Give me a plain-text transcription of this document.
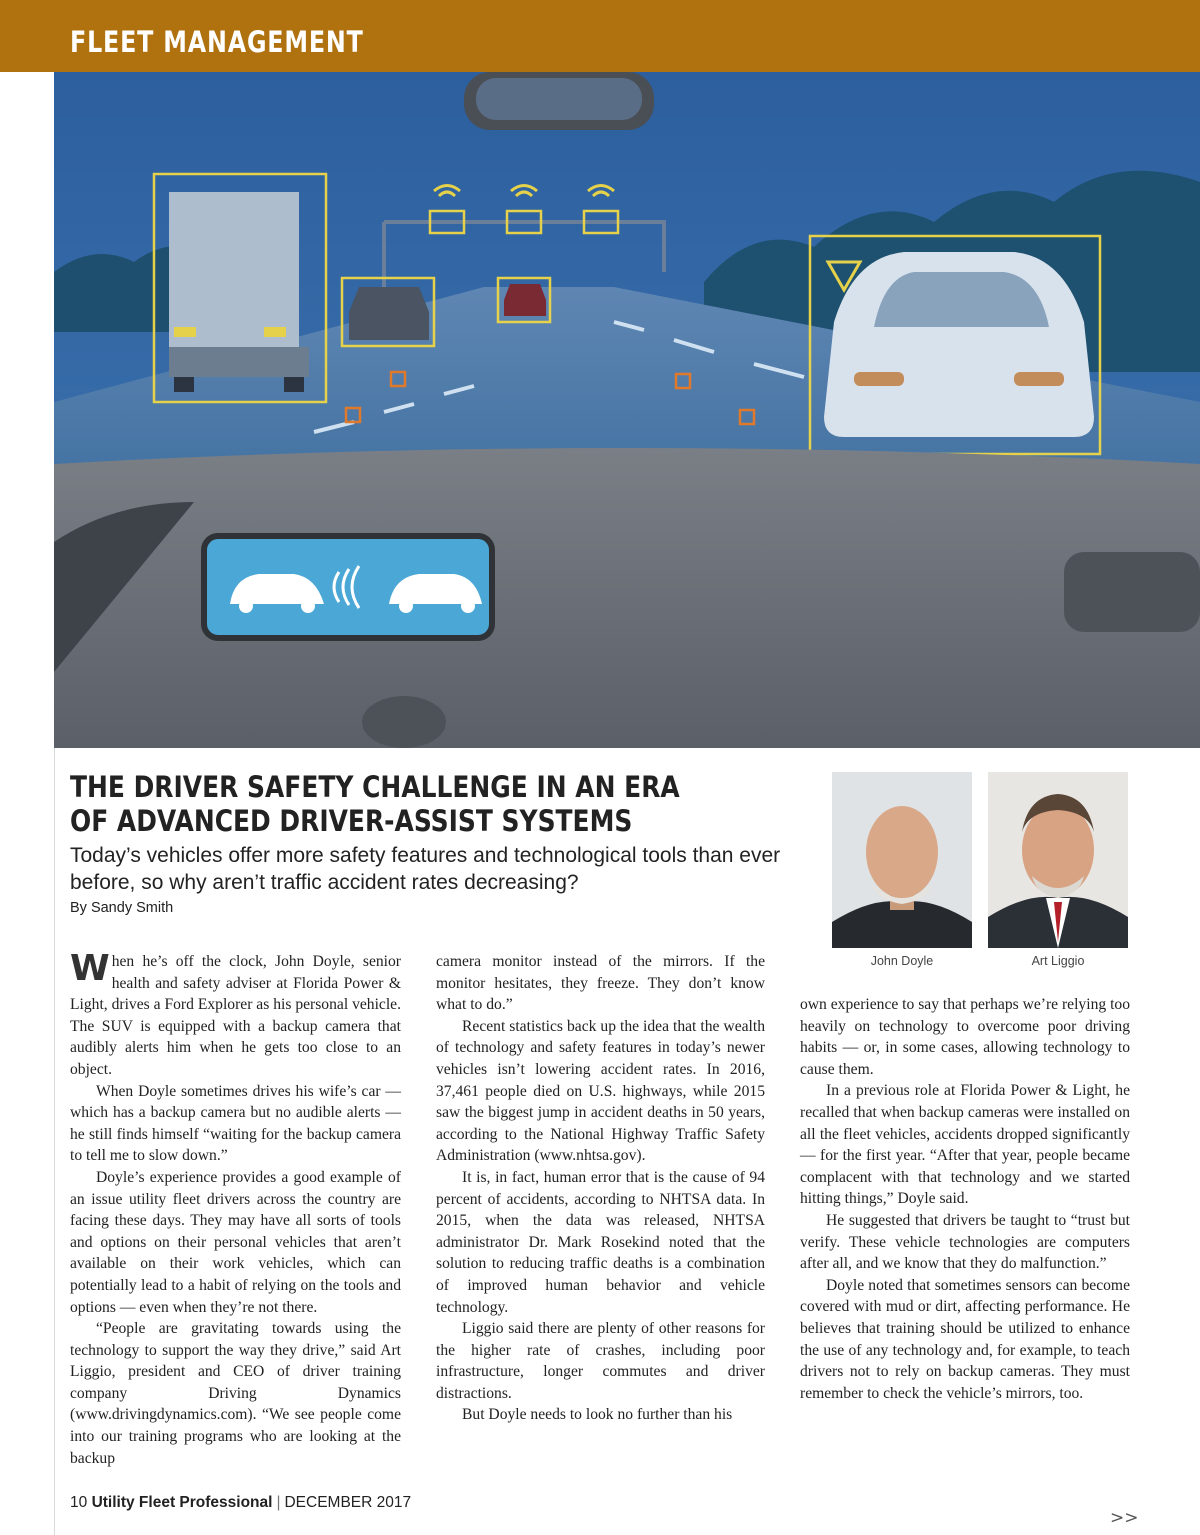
FLEET MANAGEMENT
THE DRIVER SAFETY CHALLENGE IN AN ERA OF ADVANCED DRIVER-ASSIST SYSTEMS
Today’s vehicles offer more safety features and technological tools than ever before, so why aren’t traffic accident rates decreasing?
By Sandy Smith
John Doyle	Art Liggio

When he’s off the clock, John Doyle, senior health and safety adviser at Florida Power & Light, drives a Ford Explorer as his personal vehicle. The SUV is equipped with a backup camera that audibly alerts him when he gets too close to an object.

When Doyle sometimes drives his wife’s car — which has a backup camera but no audible alerts — he still finds himself “waiting for the backup camera to tell me to slow down.”

Doyle’s experience provides a good example of an issue utility fleet drivers across the country are facing these days. They may have all sorts of tools and options on their personal vehicles that aren’t available on their work vehicles, which can potentially lead to a habit of relying on the tools and options — even when they’re not there.

“People are gravitating towards using the technology to support the way they drive,” said Art Liggio, president and CEO of driver training company Driving Dynamics (www.drivingdynamics.com). “We see people come into our training programs who are looking at the backup

camera monitor instead of the mirrors. If the monitor hesitates, they freeze. They don’t know what to do.”

Recent statistics back up the idea that the wealth of technology and safety features in today’s newer vehicles isn’t lowering accident rates. In 2016, 37,461 people died on U.S. highways, while 2015 saw the biggest jump in accident deaths in 50 years, according to the National Highway Traffic Safety Administration (www.nhtsa.gov).

It is, in fact, human error that is the cause of 94 percent of accidents, according to NHTSA data. In 2015, when the data was released, NHTSA administrator Dr. Mark Rosekind noted that the solution to reducing traffic deaths is a combination of improved human behavior and vehicle technology.

Liggio said there are plenty of other reasons for the higher rate of crashes, including poor infrastructure, longer commutes and driver distractions.

But Doyle needs to look no further than his

own experience to say that perhaps we’re relying too heavily on technology to overcome poor driving habits — or, in some cases, allowing technology to cause them.

In a previous role at Florida Power & Light, he recalled that when backup cameras were installed on all the fleet vehicles, accidents dropped significantly — for the first year. “After that year, people became complacent with that technology and we started hitting things,” Doyle said.

He suggested that drivers be taught to “trust but verify. These vehicle technologies are computers after all, and we know that they do malfunction.”

Doyle noted that sometimes sensors can become covered with mud or dirt, affecting performance. He believes that training should be utilized to enhance the use of any technology and, for example, to teach drivers not to rely on backup cameras. They must remember to check the vehicle’s mirrors, too.

>>
10 Utility Fleet Professional | DECEMBER 2017
